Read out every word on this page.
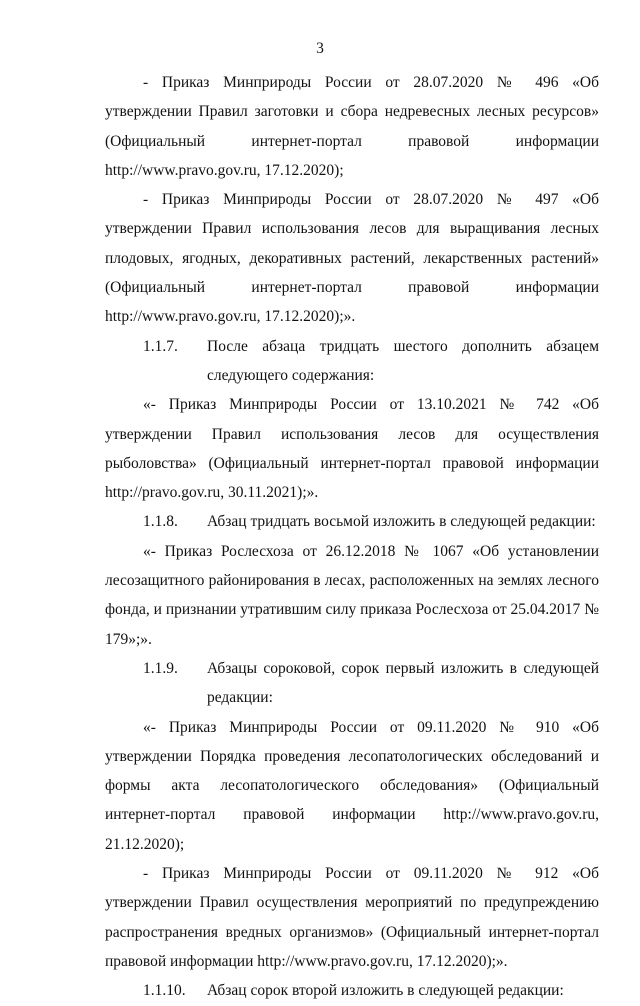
3

- Приказ Минприроды России от 28.07.2020 № 496 «Об утверждении Правил заготовки и сбора недревесных лесных ресурсов» (Официальный интернет-портал правовой информации http://www.pravo.gov.ru, 17.12.2020);

- Приказ Минприроды России от 28.07.2020 № 497 «Об утверждении Правил использования лесов для выращивания лесных плодовых, ягодных, декоративных растений, лекарственных растений» (Официальный интернет-портал правовой информации http://www.pravo.gov.ru, 17.12.2020);».

1.1.7.	После абзаца тридцать шестого дополнить абзацем следующего содержания:

«- Приказ Минприроды России от 13.10.2021 № 742 «Об утверждении Правил использования лесов для осуществления рыболовства» (Официальный интернет-портал правовой информации http://pravo.gov.ru, 30.11.2021);».

1.1.8.	Абзац тридцать восьмой изложить в следующей редакции:

«- Приказ Рослесхоза от 26.12.2018 № 1067 «Об установлении лесозащитного районирования в лесах, расположенных на землях лесного фонда, и признании утратившим силу приказа Рослесхоза от 25.04.2017 № 179»;».

1.1.9.	Абзацы сороковой, сорок первый изложить в следующей редакции:

«- Приказ Минприроды России от 09.11.2020 № 910 «Об утверждении Порядка проведения лесопатологических обследований и формы акта лесопатологического обследования» (Официальный интернет-портал правовой информации http://www.pravo.gov.ru, 21.12.2020);

- Приказ Минприроды России от 09.11.2020 № 912 «Об утверждении Правил осуществления мероприятий по предупреждению распространения вредных организмов» (Официальный интернет-портал правовой информации http://www.pravo.gov.ru, 17.12.2020);».

1.1.10.	Абзац сорок второй изложить в следующей редакции:
